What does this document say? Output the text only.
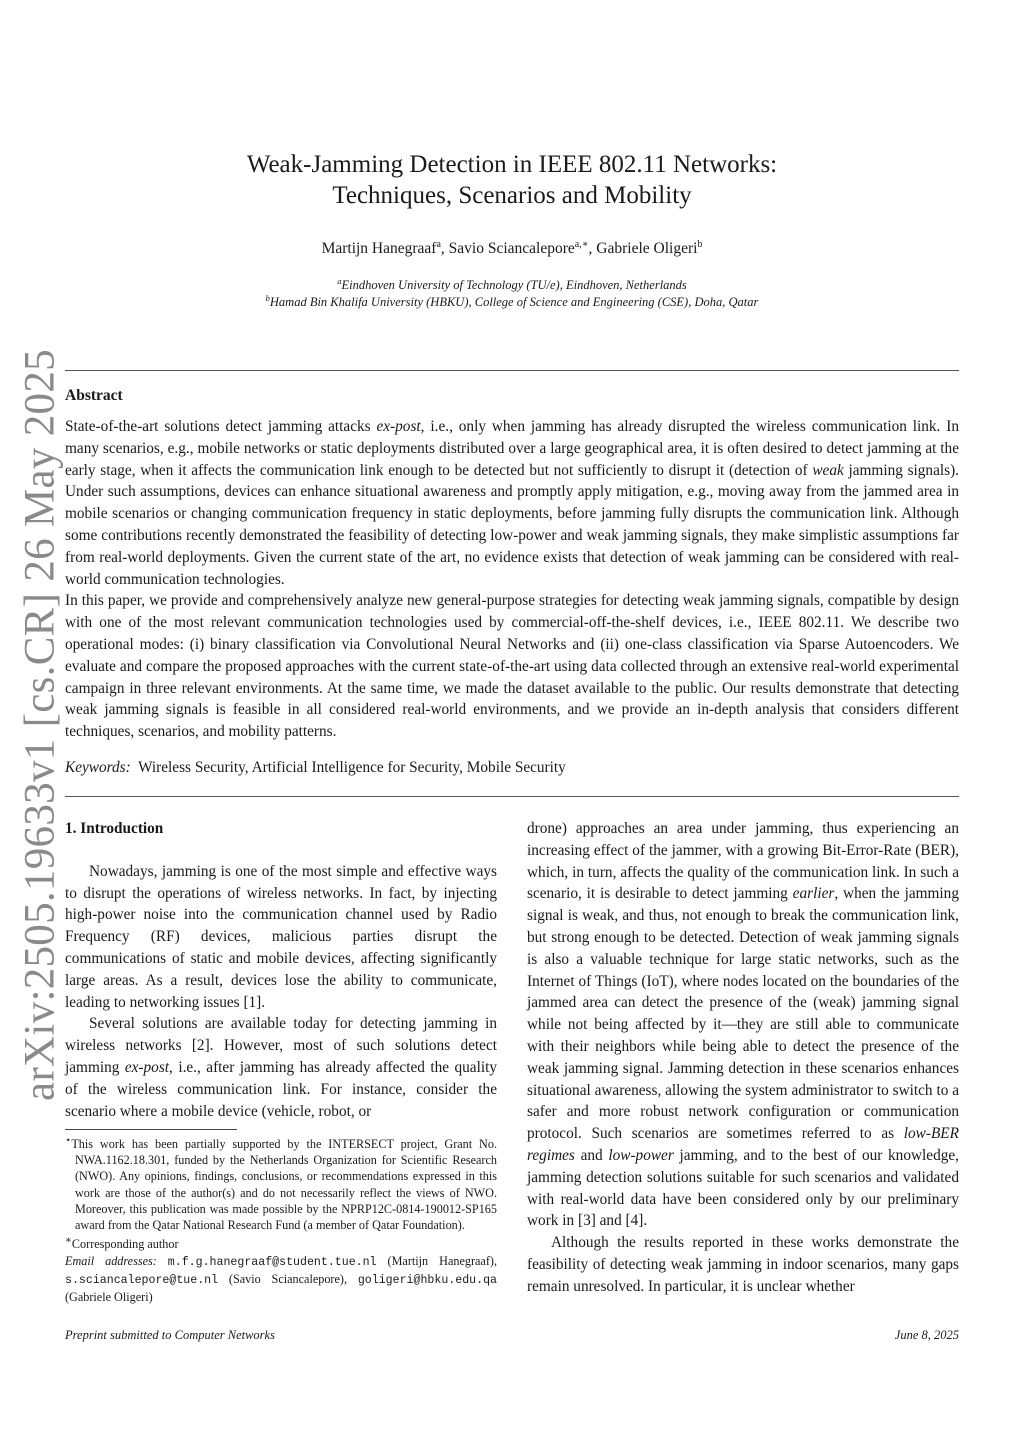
arXiv:2505.19633v1 [cs.CR] 26 May 2025
Weak-Jamming Detection in IEEE 802.11 Networks:
Techniques, Scenarios and Mobility
Martijn Hanegraaf$^a$, Savio Sciancalepore$^{a,∗}$, Gabriele Oligeri$^b$
$^a$Eindhoven University of Technology (TU/e), Eindhoven, Netherlands
$^b$Hamad Bin Khalifa University (HBKU), College of Science and Engineering (CSE), Doha, Qatar
Abstract

State-of-the-art solutions detect jamming attacks ex-post, i.e., only when jamming has already disrupted the wireless communication link. In many scenarios, e.g., mobile networks or static deployments distributed over a large geographical area, it is often desired to detect jamming at the early stage, when it affects the communication link enough to be detected but not sufficiently to disrupt it (detection of weak jamming signals). Under such assumptions, devices can enhance situational awareness and promptly apply mitigation, e.g., moving away from the jammed area in mobile scenarios or changing communication frequency in static deployments, before jamming fully disrupts the communication link. Although some contributions recently demonstrated the feasibility of detecting low-power and weak jamming signals, they make simplistic assumptions far from real-world deployments. Given the current state of the art, no evidence exists that detection of weak jamming can be considered with real-world communication technologies.

In this paper, we provide and comprehensively analyze new general-purpose strategies for detecting weak jamming signals, compatible by design with one of the most relevant communication technologies used by commercial-off-the-shelf devices, i.e., IEEE 802.11. We describe two operational modes: (i) binary classification via Convolutional Neural Networks and (ii) one-class classification via Sparse Autoencoders. We evaluate and compare the proposed approaches with the current state-of-the-art using data collected through an extensive real-world experimental campaign in three relevant environments. At the same time, we made the dataset available to the public. Our results demonstrate that detecting weak jamming signals is feasible in all considered real-world environments, and we provide an in-depth analysis that considers different techniques, scenarios, and mobility patterns.

Keywords: Wireless Security, Artificial Intelligence for Security, Mobile Security

1. Introduction

Nowadays, jamming is one of the most simple and effective ways to disrupt the operations of wireless networks. In fact, by injecting high-power noise into the communication channel used by Radio Frequency (RF) devices, malicious parties disrupt the communications of static and mobile devices, affecting significantly large areas. As a result, devices lose the ability to communicate, leading to networking issues [1].

Several solutions are available today for detecting jamming in wireless networks [2]. However, most of such solutions detect jamming ex-post, i.e., after jamming has already affected the quality of the wireless communication link. For instance, consider the scenario where a mobile device (vehicle, robot, or

drone) approaches an area under jamming, thus experiencing an increasing effect of the jammer, with a growing Bit-Error-Rate (BER), which, in turn, affects the quality of the communication link. In such a scenario, it is desirable to detect jamming earlier, when the jamming signal is weak, and thus, not enough to break the communication link, but strong enough to be detected. Detection of weak jamming signals is also a valuable technique for large static networks, such as the Internet of Things (IoT), where nodes located on the boundaries of the jammed area can detect the presence of the (weak) jamming signal while not being affected by it—they are still able to communicate with their neighbors while being able to detect the presence of the weak jamming signal. Jamming detection in these scenarios enhances situational awareness, allowing the system administrator to switch to a safer and more robust network configuration or communication protocol. Such scenarios are sometimes referred to as low-BER regimes and low-power jamming, and to the best of our knowledge, jamming detection solutions suitable for such scenarios and validated with real-world data have been considered only by our preliminary work in [3] and [4].

Although the results reported in these works demonstrate the feasibility of detecting weak jamming in indoor scenarios, many gaps remain unresolved. In particular, it is unclear whether

⋆This work has been partially supported by the INTERSECT project, Grant No. NWA.1162.18.301, funded by the Netherlands Organization for Scientific Research (NWO). Any opinions, findings, conclusions, or recommendations expressed in this work are those of the author(s) and do not necessarily reflect the views of NWO. Moreover, this publication was made possible by the NPRP12C-0814-190012-SP165 award from the Qatar National Research Fund (a member of Qatar Foundation).

∗Corresponding author

Email addresses: m.f.g.hanegraaf@student.tue.nl (Martijn Hanegraaf), s.sciancalepore@tue.nl (Savio Sciancalepore), goligeri@hbku.edu.qa (Gabriele Oligeri)

Preprint submitted to Computer Networks	June 8, 2025
